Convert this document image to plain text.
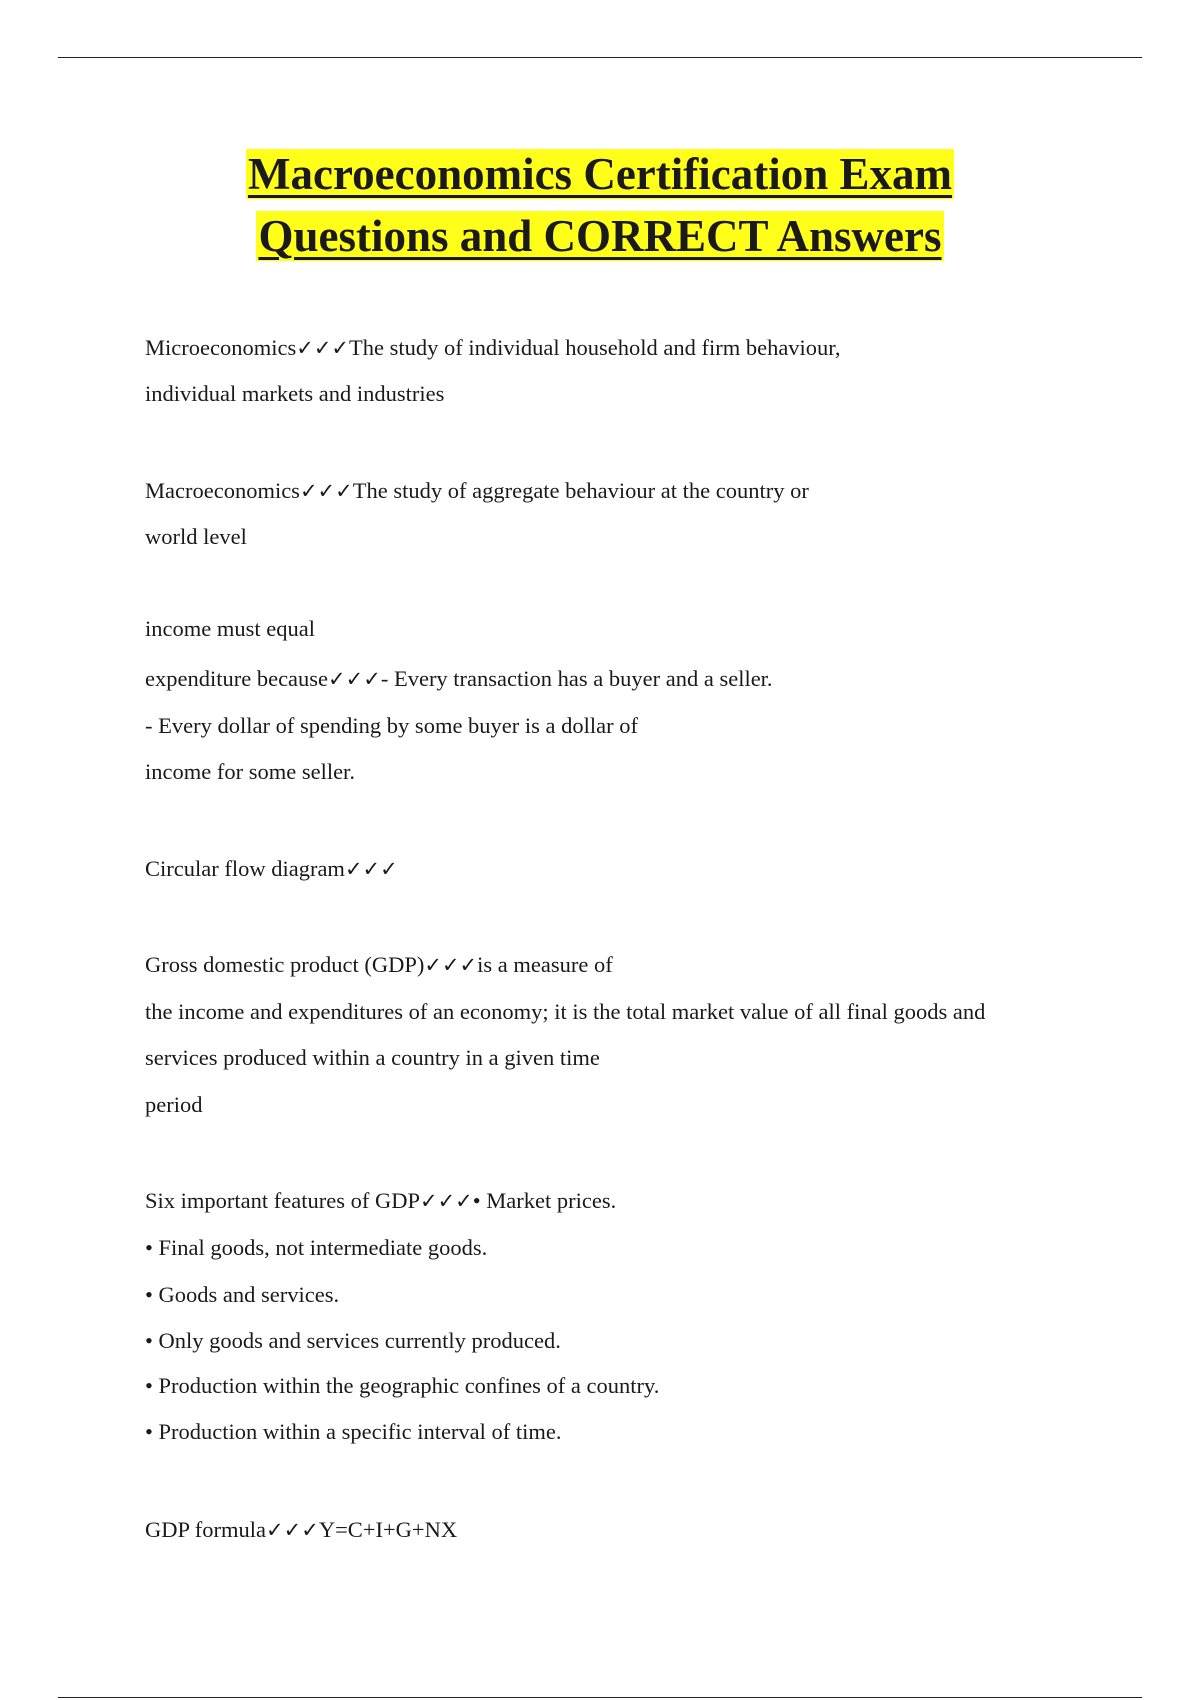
Macroeconomics Certification Exam
Questions and CORRECT Answers
Microeconomics✓✓✓The study of individual household and firm behaviour,
individual markets and industries
Macroeconomics✓✓✓The study of aggregate behaviour at the country or
world level
income must equal
expenditure because✓✓✓- Every transaction has a buyer and a seller.
- Every dollar of spending by some buyer is a dollar of
income for some seller.
Circular flow diagram✓✓✓
Gross domestic product (GDP)✓✓✓is a measure of
the income and expenditures of an economy; it is the total market value of all final goods and
services produced within a country in a given time
period
Six important features of GDP✓✓✓• Market prices.
• Final goods, not intermediate goods.
• Goods and services.
• Only goods and services currently produced.
• Production within the geographic confines of a country.
• Production within a specific interval of time.
GDP formula✓✓✓Y=C+I+G+NX
